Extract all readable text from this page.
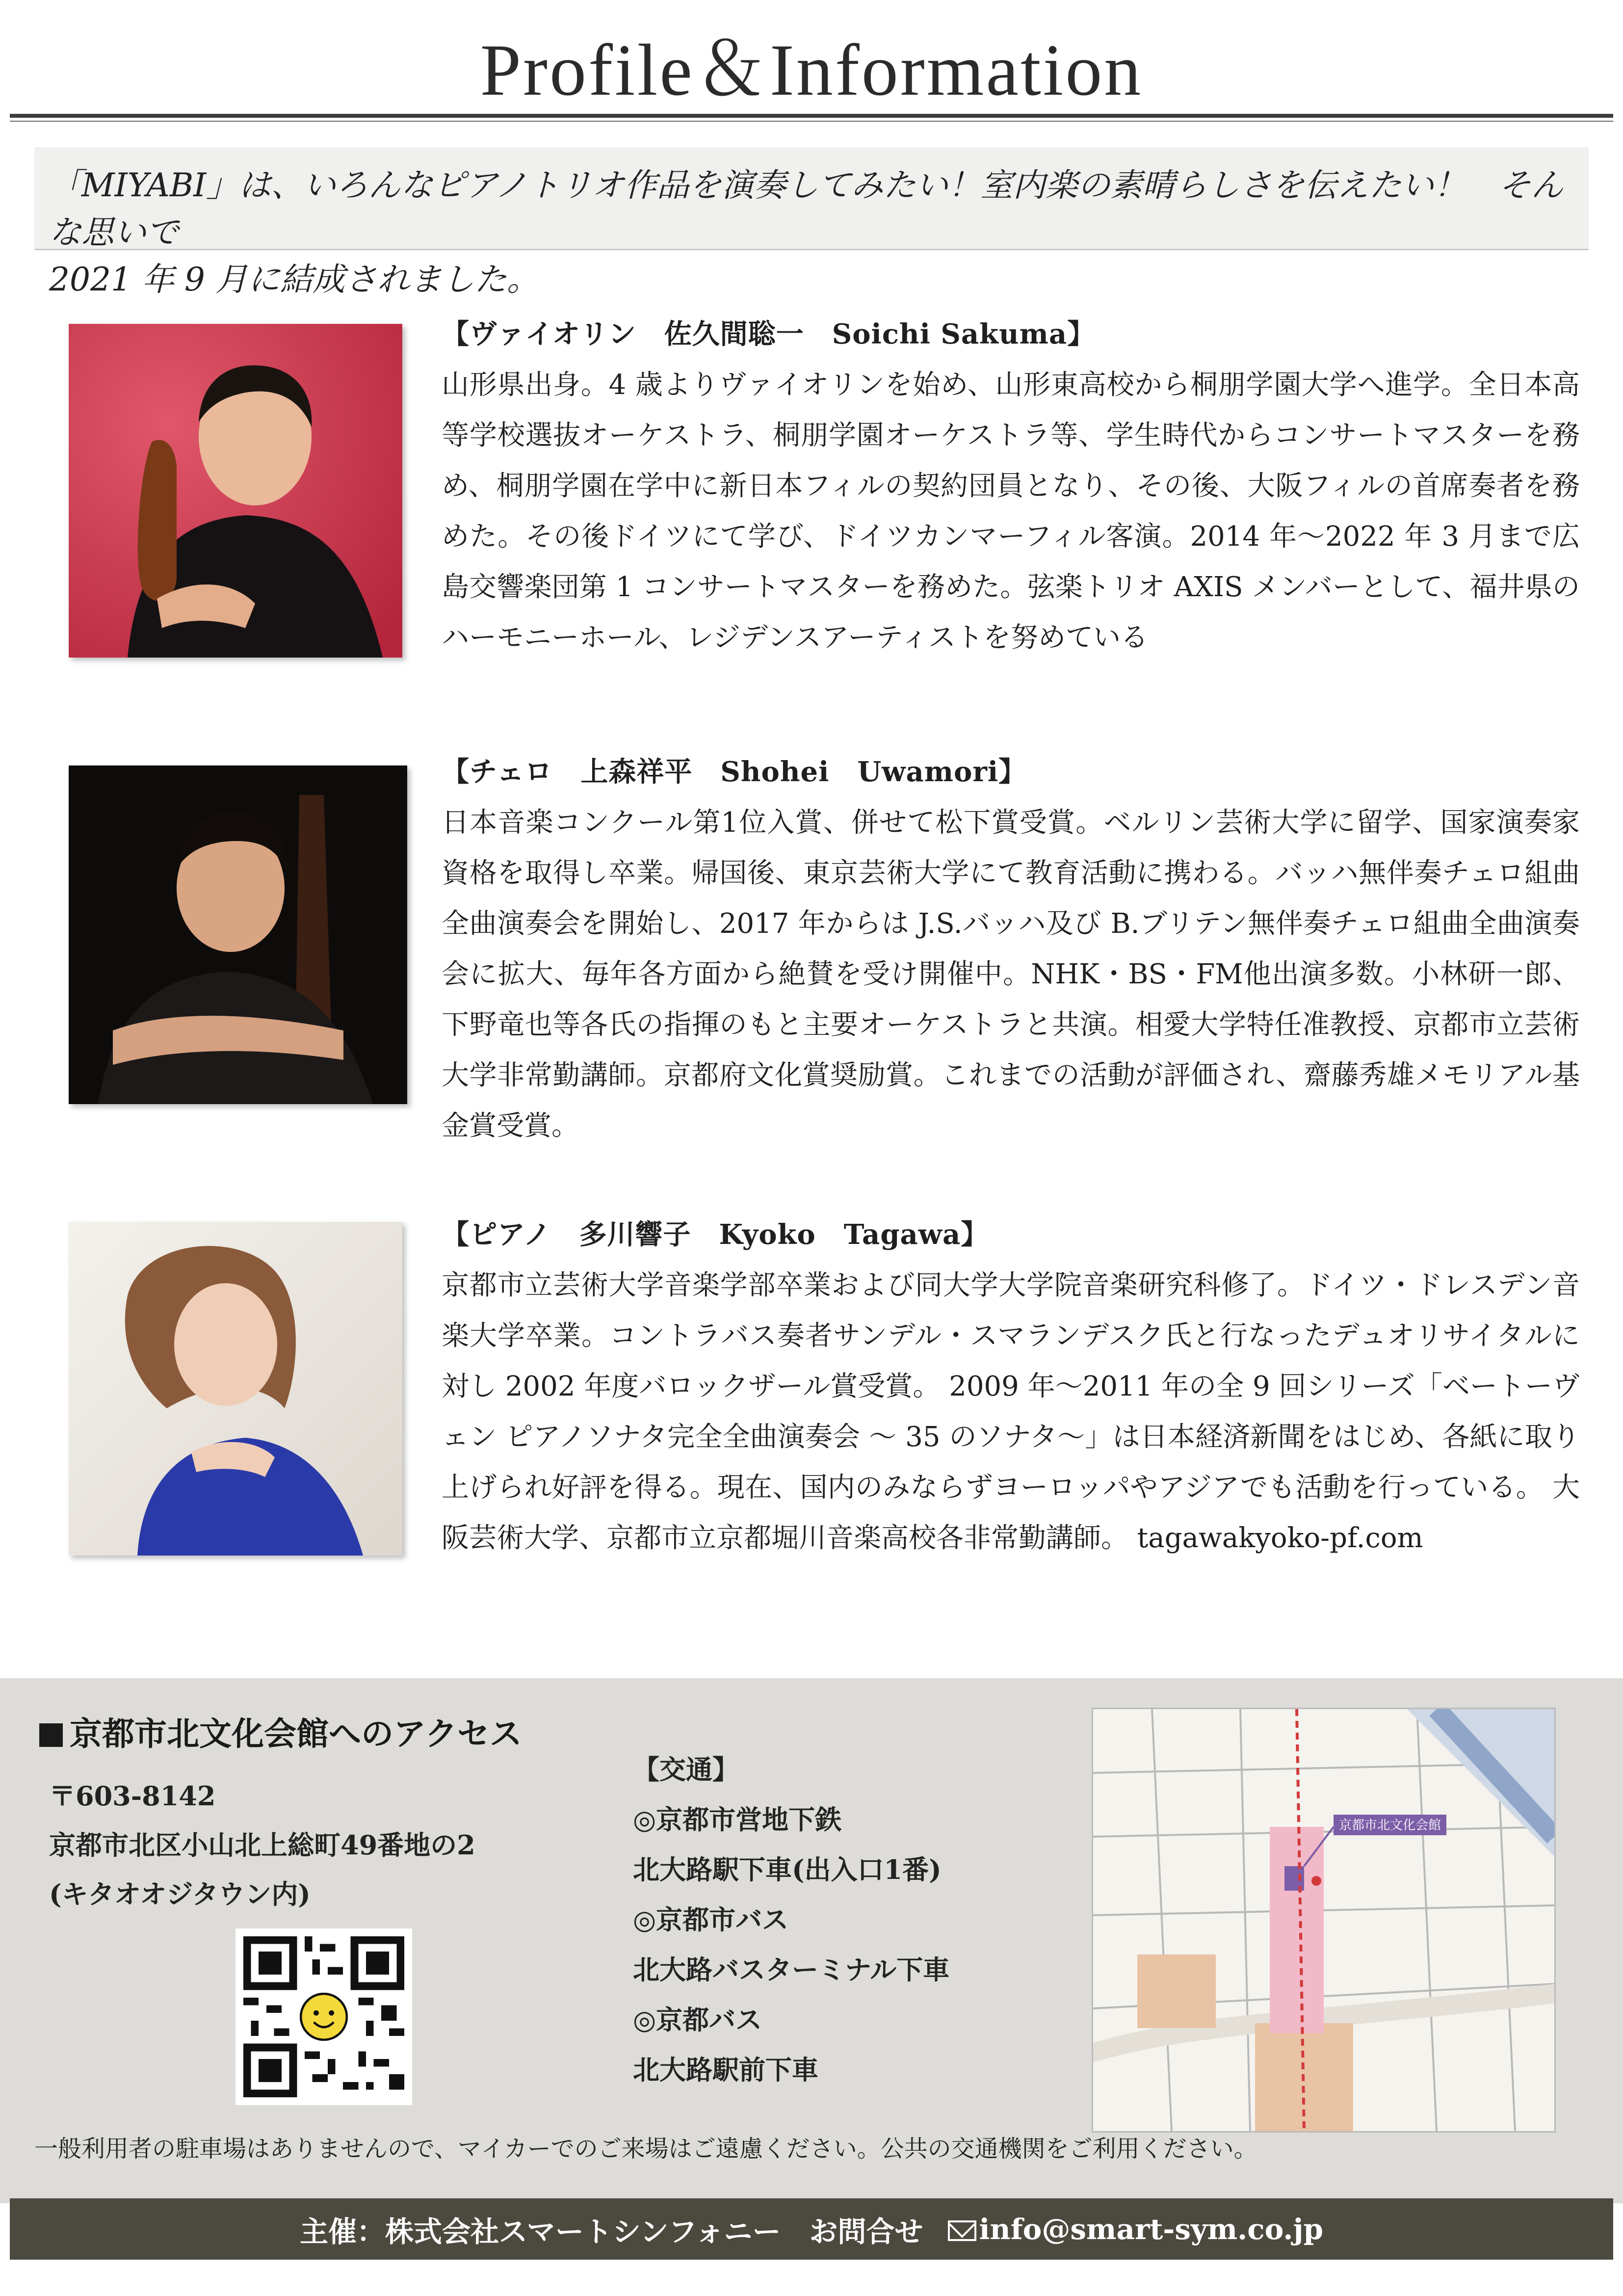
Profile＆Information
「MIYABI」は、いろんなピアノトリオ作品を演奏してみたい！室内楽の素晴らしさを伝えたい！　そんな思いで
2021 年 9 月に結成されました。
【ヴァイオリン　佐久間聡一　Soichi Sakuma】
山形県出身。4 歳よりヴァイオリンを始め、山形東高校から桐朋学園大学へ進学。全日本高等学校選抜オーケストラ、桐朋学園オーケストラ等、学生時代からコンサートマスターを務め、桐朋学園在学中に新日本フィルの契約団員となり、その後、大阪フィルの首席奏者を務めた。その後ドイツにて学び、ドイツカンマーフィル客演。2014 年～2022 年 3 月まで広島交響楽団第 1 コンサートマスターを務めた。弦楽トリオ AXIS メンバーとして、福井県のハーモニーホール、レジデンスアーティストを努めている
【チェロ　上森祥平　Shohei　Uwamori】
日本音楽コンクール第1位入賞、併せて松下賞受賞。ベルリン芸術大学に留学、国家演奏家資格を取得し卒業。帰国後、東京芸術大学にて教育活動に携わる。バッハ無伴奏チェロ組曲全曲演奏会を開始し、2017 年からは J.S.バッハ及び B.ブリテン無伴奏チェロ組曲全曲演奏会に拡大、毎年各方面から絶賛を受け開催中。NHK・BS・FM他出演多数。小林研一郎、下野竜也等各氏の指揮のもと主要オーケストラと共演。相愛大学特任准教授、京都市立芸術大学非常勤講師。京都府文化賞奨励賞。これまでの活動が評価され、齋藤秀雄メモリアル基金賞受賞。
【ピアノ　多川響子　Kyoko　Tagawa】
京都市立芸術大学音楽学部卒業および同大学大学院音楽研究科修了。ドイツ・ドレスデン音楽大学卒業。コントラバス奏者サンデル・スマランデスク氏と行なったデュオリサイタルに対し 2002 年度バロックザール賞受賞。 2009 年～2011 年の全 9 回シリーズ「ベートーヴェン ピアノソナタ完全全曲演奏会 ～ 35 のソナタ～」は日本経済新聞をはじめ、各紙に取り上げられ好評を得る。現在、国内のみならずヨーロッパやアジアでも活動を行っている。 大阪芸術大学、京都市立京都堀川音楽高校各非常勤講師。 tagawakyoko-pf.com
京都市北文化会館へのアクセス
〒603-8142
京都市北区小山北上総町49番地の2
(キタオオジタウン内)
【交通】
◎京都市営地下鉄
北大路駅下車(出入口1番)
◎京都市バス
北大路バスターミナル下車
◎京都バス
北大路駅前下車
京都市北文化会館
一般利用者の駐車場はありませんので、マイカーでのご来場はご遠慮ください。公共の交通機関をご利用ください。
主催：株式会社スマートシンフォニー　お問合せ	info@smart-sym.co.jp
